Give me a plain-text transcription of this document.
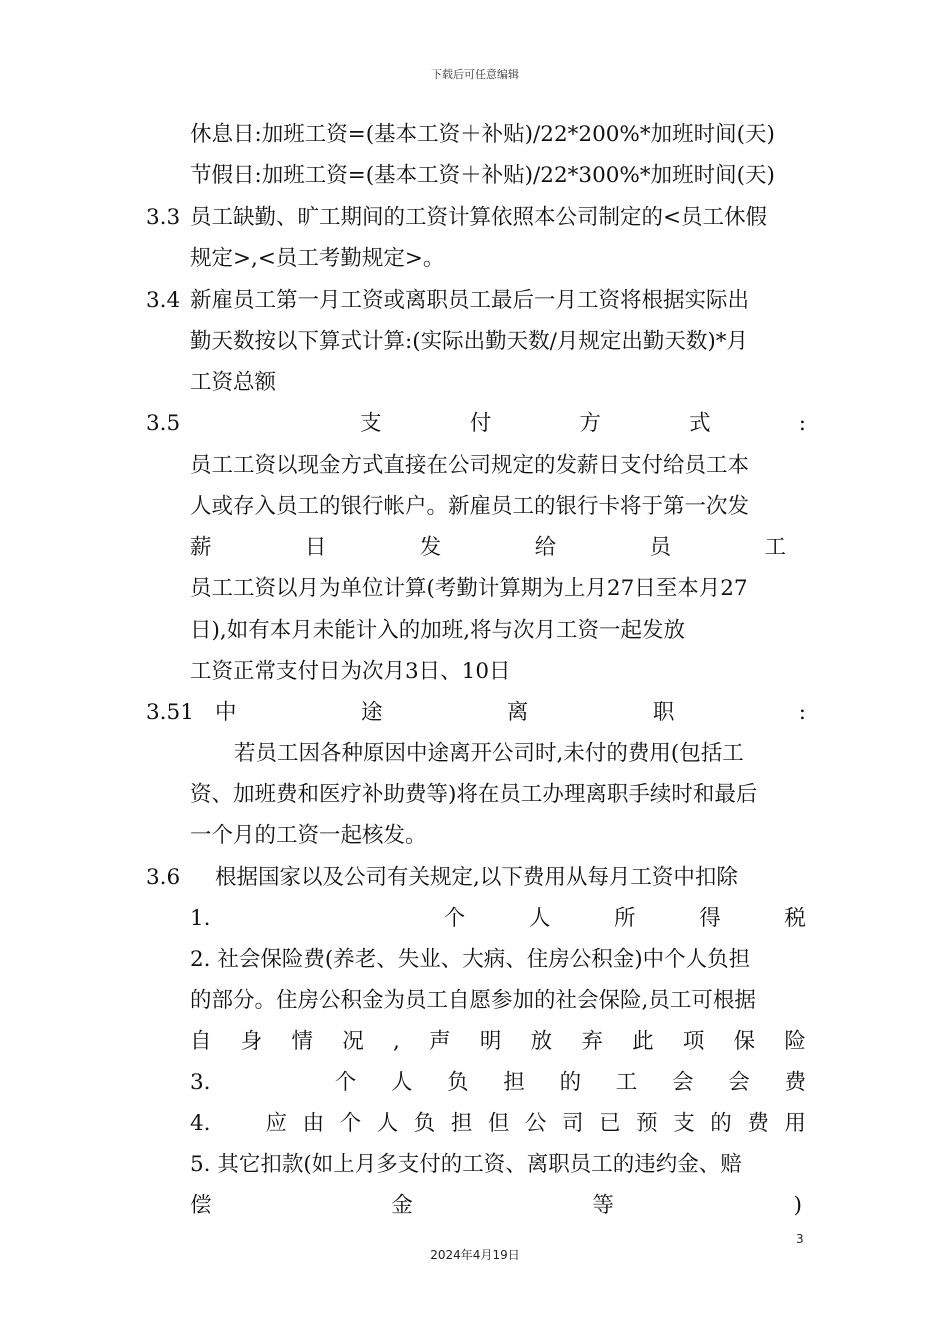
下载后可任意编辑
休息日:加班工资=(基本工资＋补贴)/22*200%*加班时间(天)
节假日:加班工资=(基本工资＋补贴)/22*300%*加班时间(天)
3.3 员工缺勤、旷工期间的工资计算依照本公司制定的<员工休假
规定>,<员工考勤规定>。
3.4 新雇员工第一月工资或离职员工最后一月工资将根据实际出
勤天数按以下算式计算:(实际出勤天数/月规定出勤天数)*月
工资总额
3.5	支	付	方	式	:
员工工资以现金方式直接在公司规定的发薪日支付给员工本
人或存入员工的银行帐户。新雇员工的银行卡将于第一次发
薪	日	发	给	员	工
员工工资以月为单位计算(考勤计算期为上月27日至本月27
日),如有本月未能计入的加班,将与次月工资一起发放
工资正常支付日为次月3日、10日
3.51 中	途	离	职	:
若员工因各种原因中途离开公司时,未付的费用(包括工
资、加班费和医疗补助费等)将在员工办理离职手续时和最后
一个月的工资一起核发。
3.6 根据国家以及公司有关规定,以下费用从每月工资中扣除
1.	个	人	所	得	税
2. 社会保险费(养老、失业、大病、住房公积金)中个人负担
的部分。住房公积金为员工自愿参加的社会保险,员工可根据
自 身 情 况 , 声 明 放 弃 此 项 保 险
3.	个 人 负 担 的 工 会 会 费
4.	应 由 个 人 负 担 但 公 司 已 预 支 的 费 用
5. 其它扣款(如上月多支付的工资、离职员工的违约金、赔
偿	金	等	)
3
2024年4月19日
